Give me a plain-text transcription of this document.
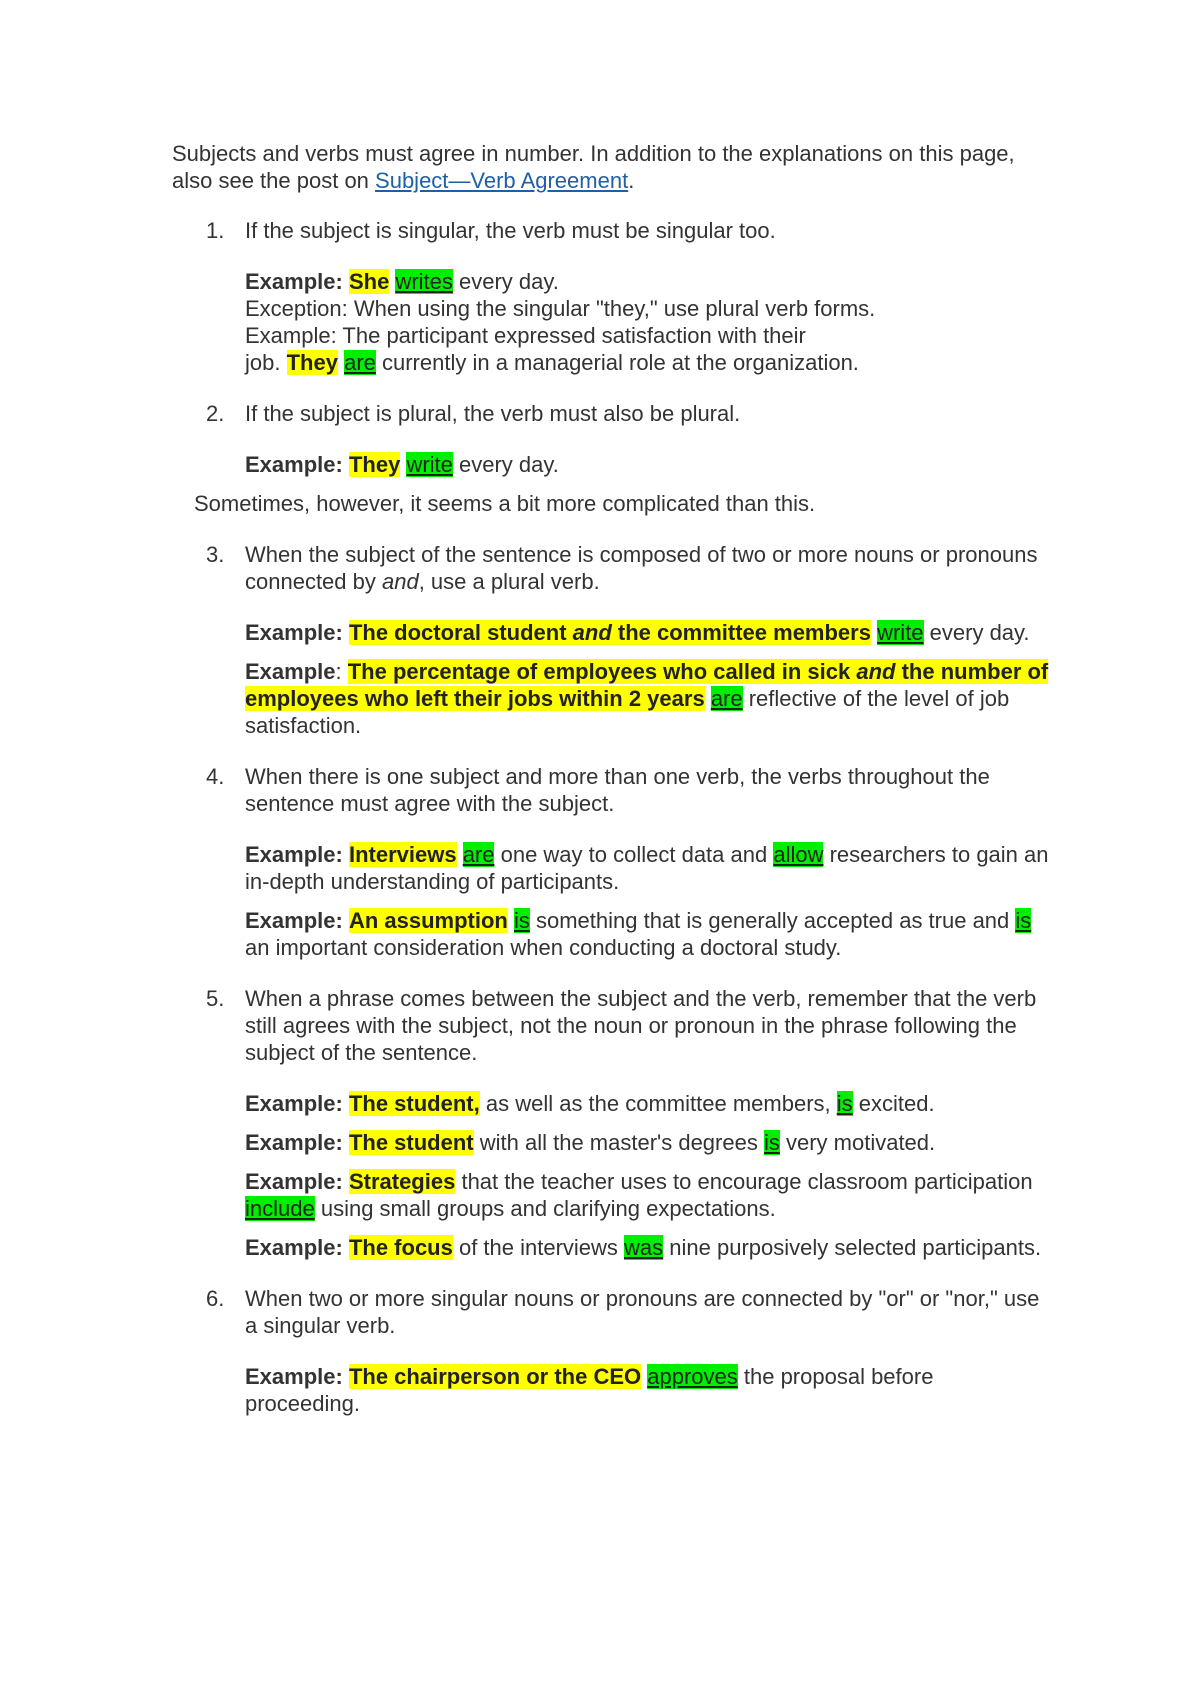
Subjects and verbs must agree in number. In addition to the explanations on this page, also see the post on Subject—Verb Agreement.

1. If the subject is singular, the verb must be singular too.

Example: She writes every day.

Exception: When using the singular "they," use plural verb forms.

Example: The participant expressed satisfaction with their

job. They are currently in a managerial role at the organization.

2. If the subject is plural, the verb must also be plural.

Example: They write every day.

Sometimes, however, it seems a bit more complicated than this.

3. When the subject of the sentence is composed of two or more nouns or pronouns connected by and, use a plural verb.

Example: The doctoral student and the committee members write every day.

Example: The percentage of employees who called in sick and the number of employees who left their jobs within 2 years are reflective of the level of job satisfaction.

4. When there is one subject and more than one verb, the verbs throughout the sentence must agree with the subject.

Example: Interviews are one way to collect data and allow researchers to gain an in-depth understanding of participants.

Example: An assumption is something that is generally accepted as true and is an important consideration when conducting a doctoral study.

5. When a phrase comes between the subject and the verb, remember that the verb still agrees with the subject, not the noun or pronoun in the phrase following the subject of the sentence.

Example: The student, as well as the committee members, is excited.

Example: The student with all the master's degrees is very motivated.

Example: Strategies that the teacher uses to encourage classroom participation include using small groups and clarifying expectations.

Example: The focus of the interviews was nine purposively selected participants.

6. When two or more singular nouns or pronouns are connected by "or" or "nor," use a singular verb.

Example: The chairperson or the CEO approves the proposal before proceeding.
